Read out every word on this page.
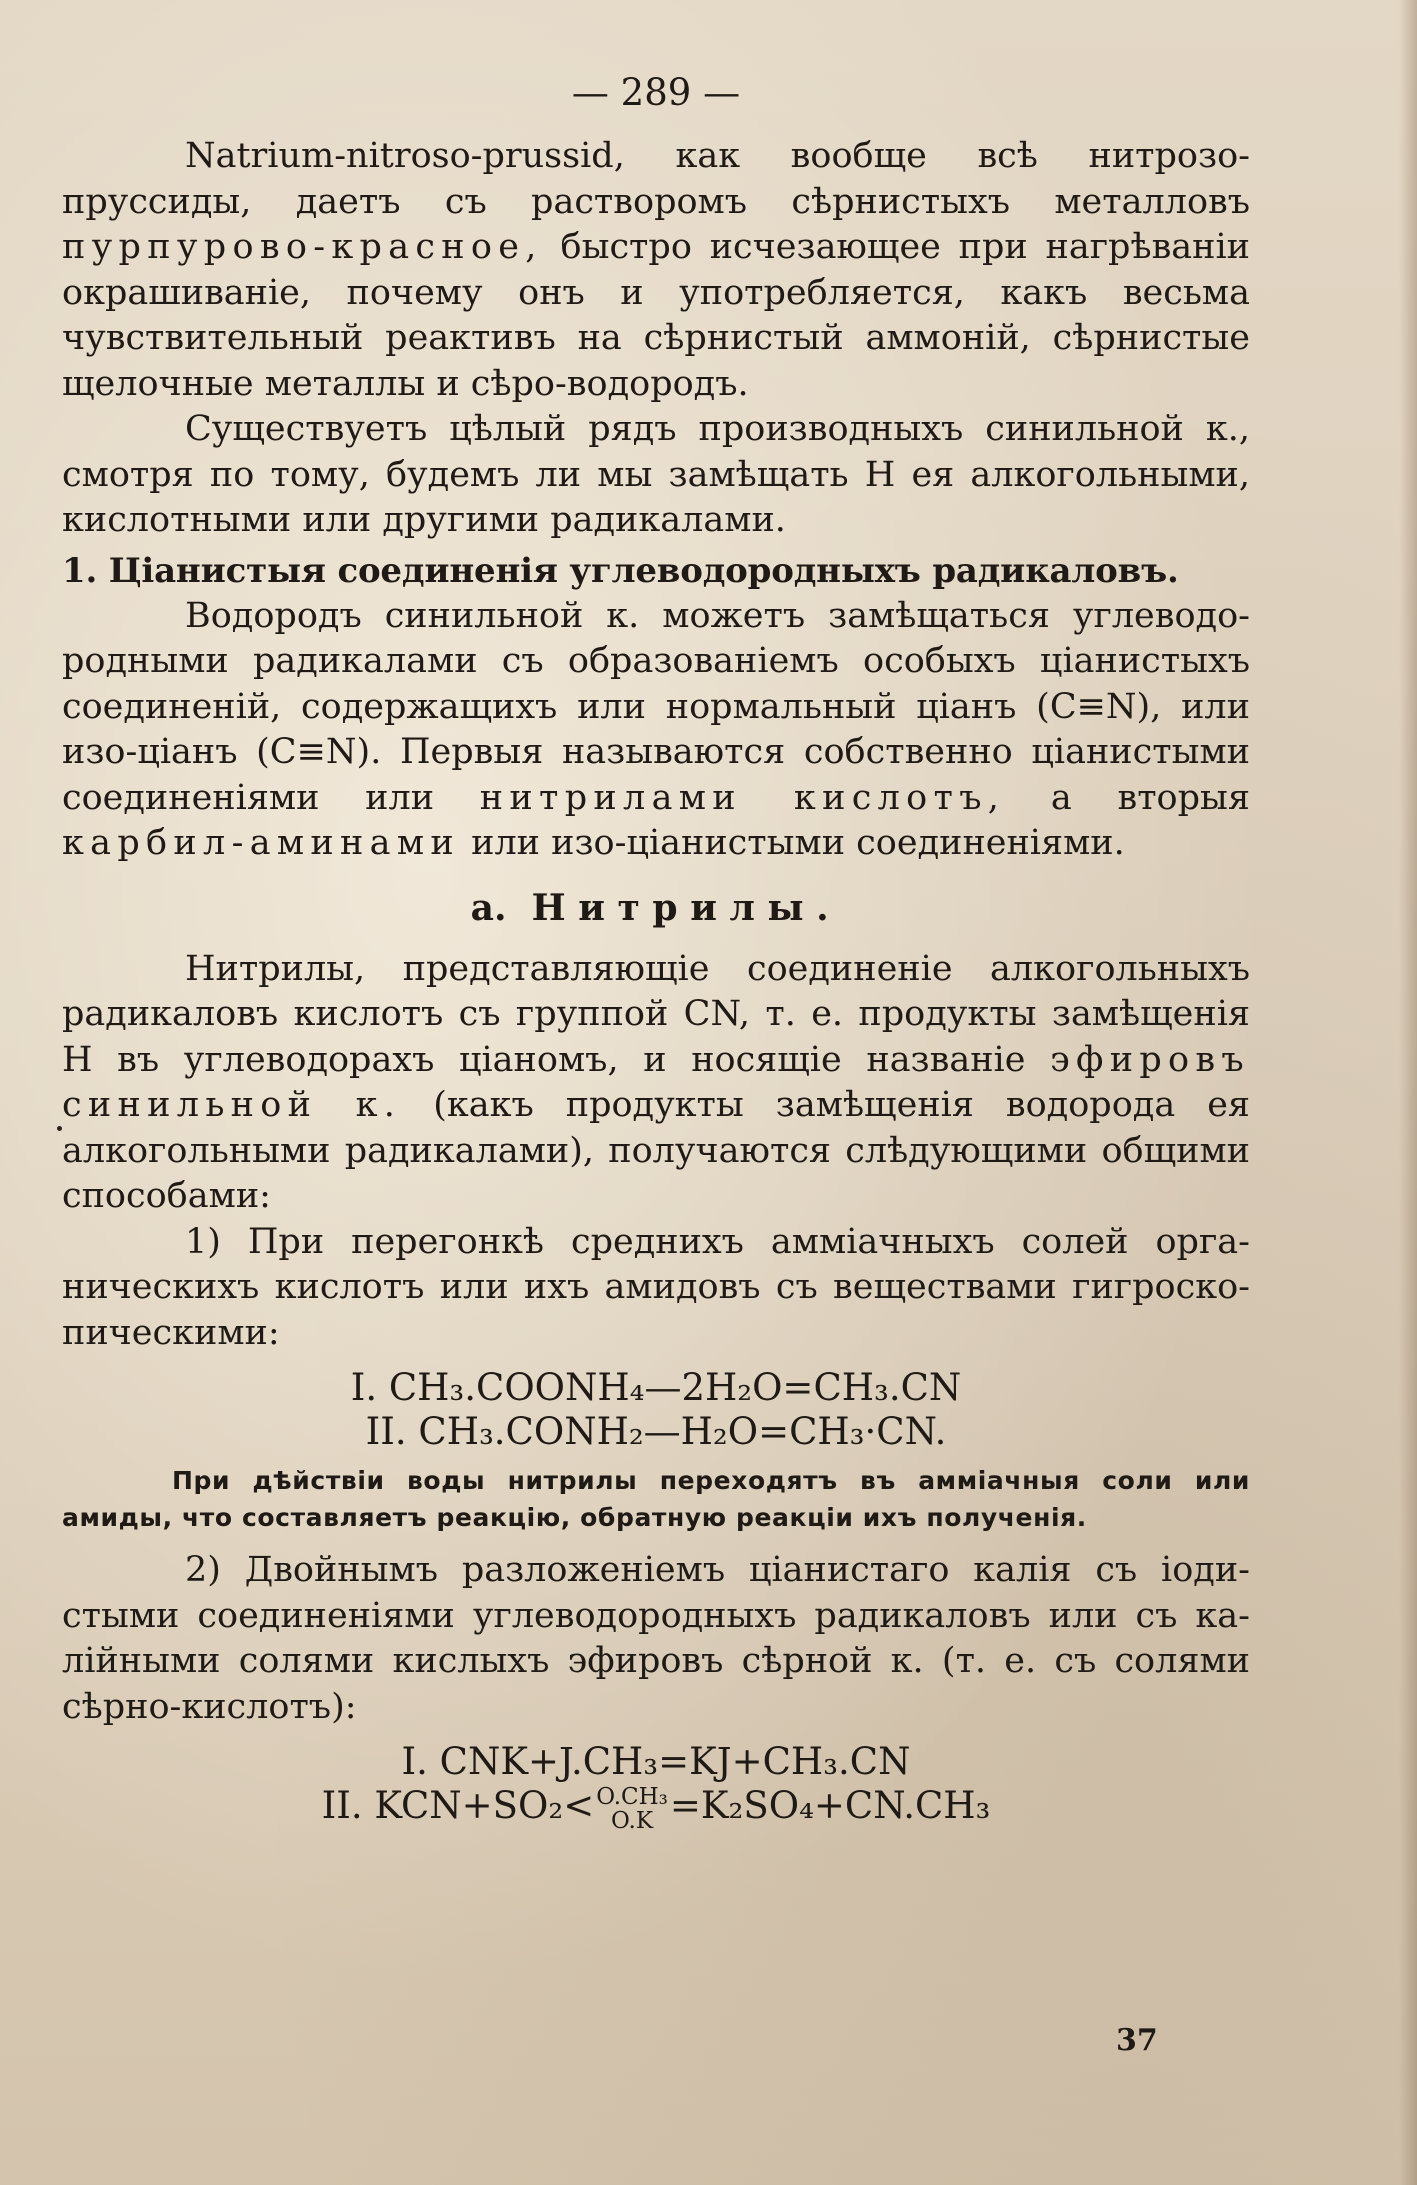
— 289 —

Natrium-nitroso-prussid, как вообще всѣ нитрозо-пруссиды, даетъ съ растворомъ сѣрнистыхъ металловъ пурпурово-красное, быстро исчезающее при нагрѣваніи окрашиваніе, почему онъ и употребляется, какъ весьма чувствительный реактивъ на сѣрнистый аммоній, сѣрнистые щелочные металлы и сѣро-водородъ.

Существуетъ цѣлый рядъ производныхъ синильной к., смотря по тому, будемъ ли мы замѣщать Н ея алкогольными, кислотными или другими радикалами.

1. Ціанистыя соединенія углеводородныхъ радикаловъ.

Водородъ синильной к. можетъ замѣщаться углеводородными радикалами съ образованіемъ особыхъ ціанистыхъ соединеній, содержащихъ или нормальный ціанъ (C≡N), или изо-ціанъ (C≡N). Первыя называются собственно ціанистыми соединеніями или нитрилами кислотъ, а вторыя карбил-аминами или изо-ціанистыми соединеніями.

а. Нитрилы.

Нитрилы, представляющіе соединеніе алкогольныхъ радикаловъ кислотъ съ группой CN, т. е. продукты замѣщенія Н въ углеводорахъ ціаномъ, и носящіе названіе эфировъ синильной к. (какъ продукты замѣщенія водорода ея алкогольными радикалами), получаются слѣдующими общими способами:

1) При перегонкѣ среднихъ амміачныхъ солей органическихъ кислотъ или ихъ амидовъ съ веществами гигроскопическими:

I. CH₃.COONH₄—2H₂O=CH₃.CN
II. CH₃.CONH₂—H₂O=CH₃·CN.

При дѣйствіи воды нитрилы переходятъ въ амміачныя соли или амиды, что составляетъ реакцію, обратную реакціи ихъ полученія.

2) Двойнымъ разложеніемъ ціанистаго калія съ іодистыми соединеніями углеводородныхъ радикаловъ или съ калійными солями кислыхъ эфировъ сѣрной к. (т. е. съ солями сѣрно-кислотъ):

I. CNK+J.CH₃=KJ+CH₃.CN
II. KCN+SO₂< O.CH₃
O.K =K₂SO₄+CN.CH₃
37
